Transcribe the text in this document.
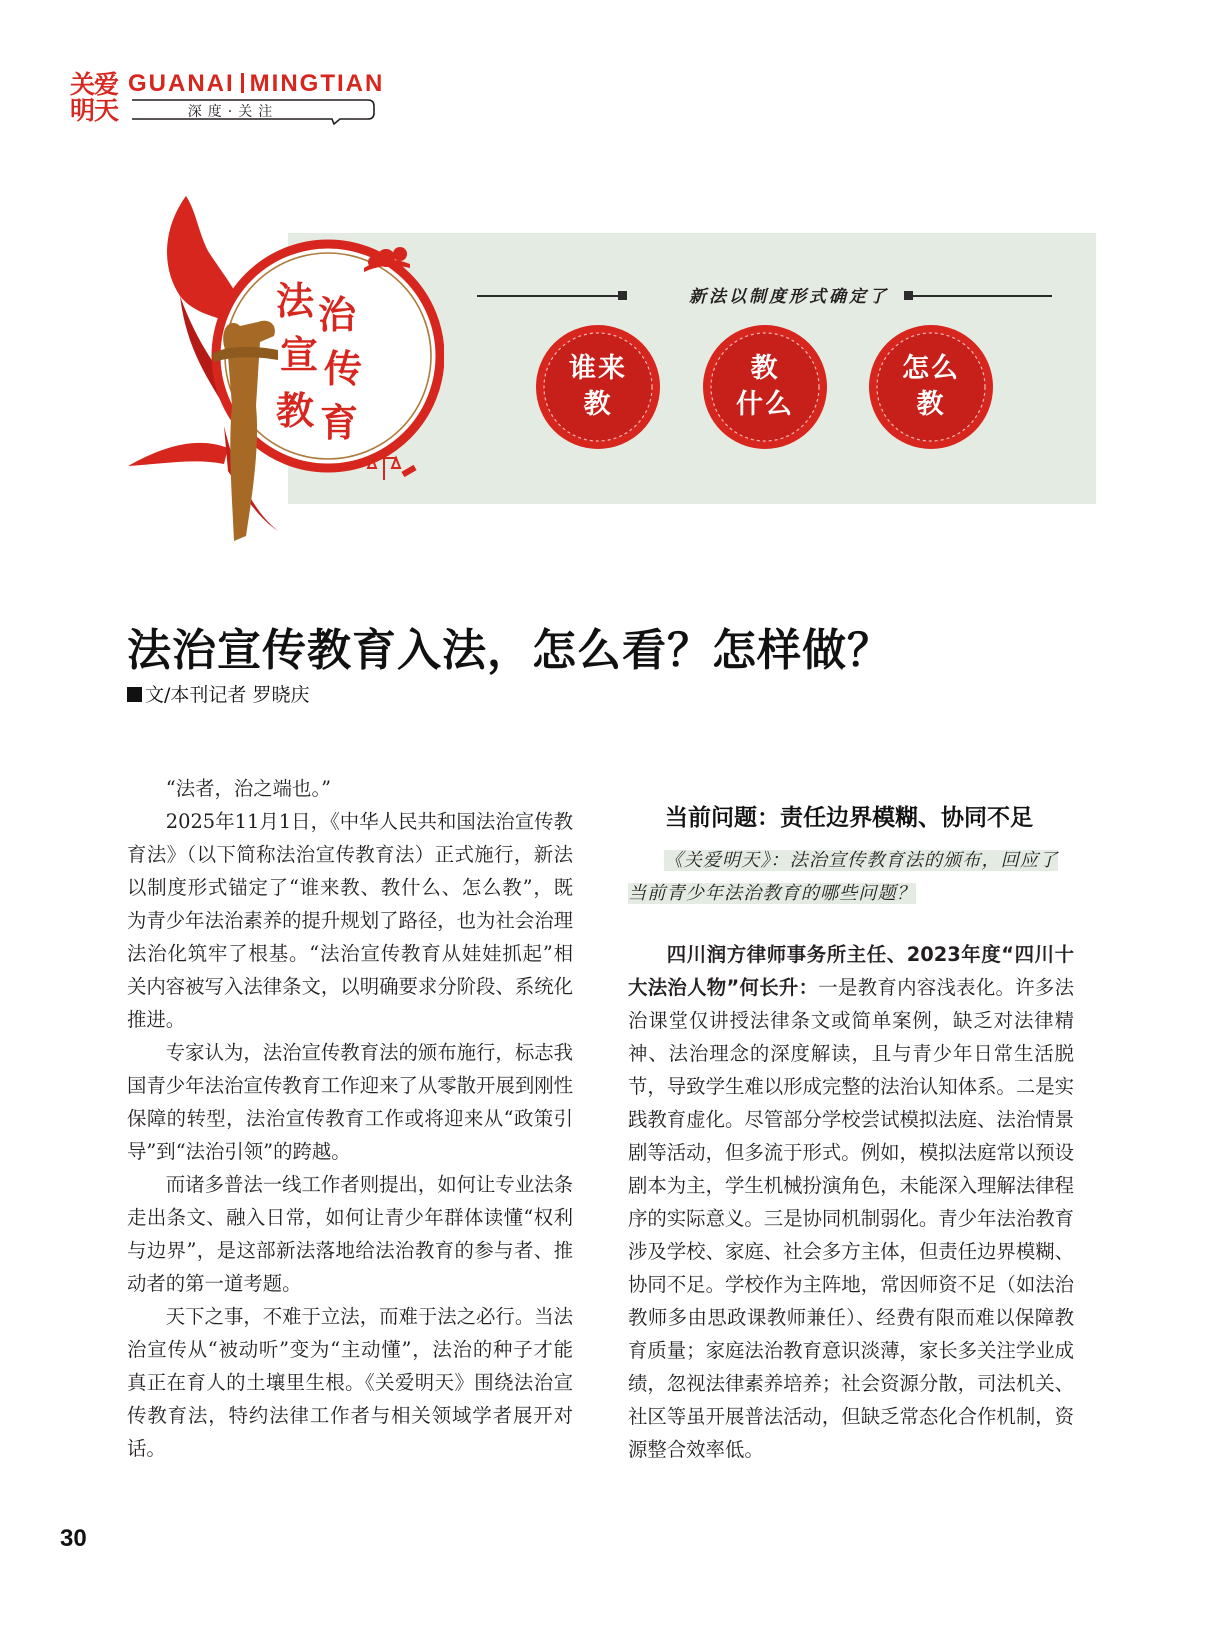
关爱明天
GUANAI MINGTIAN
深度·关注
法 治
宣 传
教 育
新法以制度形式确定了
谁来
教
教
什么
怎么
教
法治宣传教育入法，怎么看？怎样做？
文/本刊记者 罗晓庆

“法者，治之端也。”

2025年11月1日，《中华人民共和国法治宣传教育法》（以下简称法治宣传教育法）正式施行，新法以制度形式锚定了“谁来教、教什么、怎么教”，既为青少年法治素养的提升规划了路径，也为社会治理法治化筑牢了根基。“法治宣传教育从娃娃抓起”相关内容被写入法律条文，以明确要求分阶段、系统化推进。

专家认为，法治宣传教育法的颁布施行，标志我国青少年法治宣传教育工作迎来了从零散开展到刚性保障的转型，法治宣传教育工作或将迎来从“政策引导”到“法治引领”的跨越。

而诸多普法一线工作者则提出，如何让专业法条走出条文、融入日常，如何让青少年群体读懂“权利与边界”，是这部新法落地给法治教育的参与者、推动者的第一道考题。

天下之事，不难于立法，而难于法之必行。当法治宣传从“被动听”变为“主动懂”，法治的种子才能真正在育人的土壤里生根。《关爱明天》围绕法治宣传教育法，特约法律工作者与相关领域学者展开对话。

当前问题：责任边界模糊、协同不足
《关爱明天》：法治宣传教育法的颁布，回应了
当前青少年法治教育的哪些问题？

四川润方律师事务所主任、2023年度“四川十大法治人物”何长升：一是教育内容浅表化。许多法治课堂仅讲授法律条文或简单案例，缺乏对法律精神、法治理念的深度解读，且与青少年日常生活脱节，导致学生难以形成完整的法治认知体系。二是实践教育虚化。尽管部分学校尝试模拟法庭、法治情景剧等活动，但多流于形式。例如，模拟法庭常以预设剧本为主，学生机械扮演角色，未能深入理解法律程序的实际意义。三是协同机制弱化。青少年法治教育涉及学校、家庭、社会多方主体，但责任边界模糊、协同不足。学校作为主阵地，常因师资不足（如法治教师多由思政课教师兼任）、经费有限而难以保障教育质量；家庭法治教育意识淡薄，家长多关注学业成绩，忽视法律素养培养；社会资源分散，司法机关、社区等虽开展普法活动，但缺乏常态化合作机制，资源整合效率低。

30
